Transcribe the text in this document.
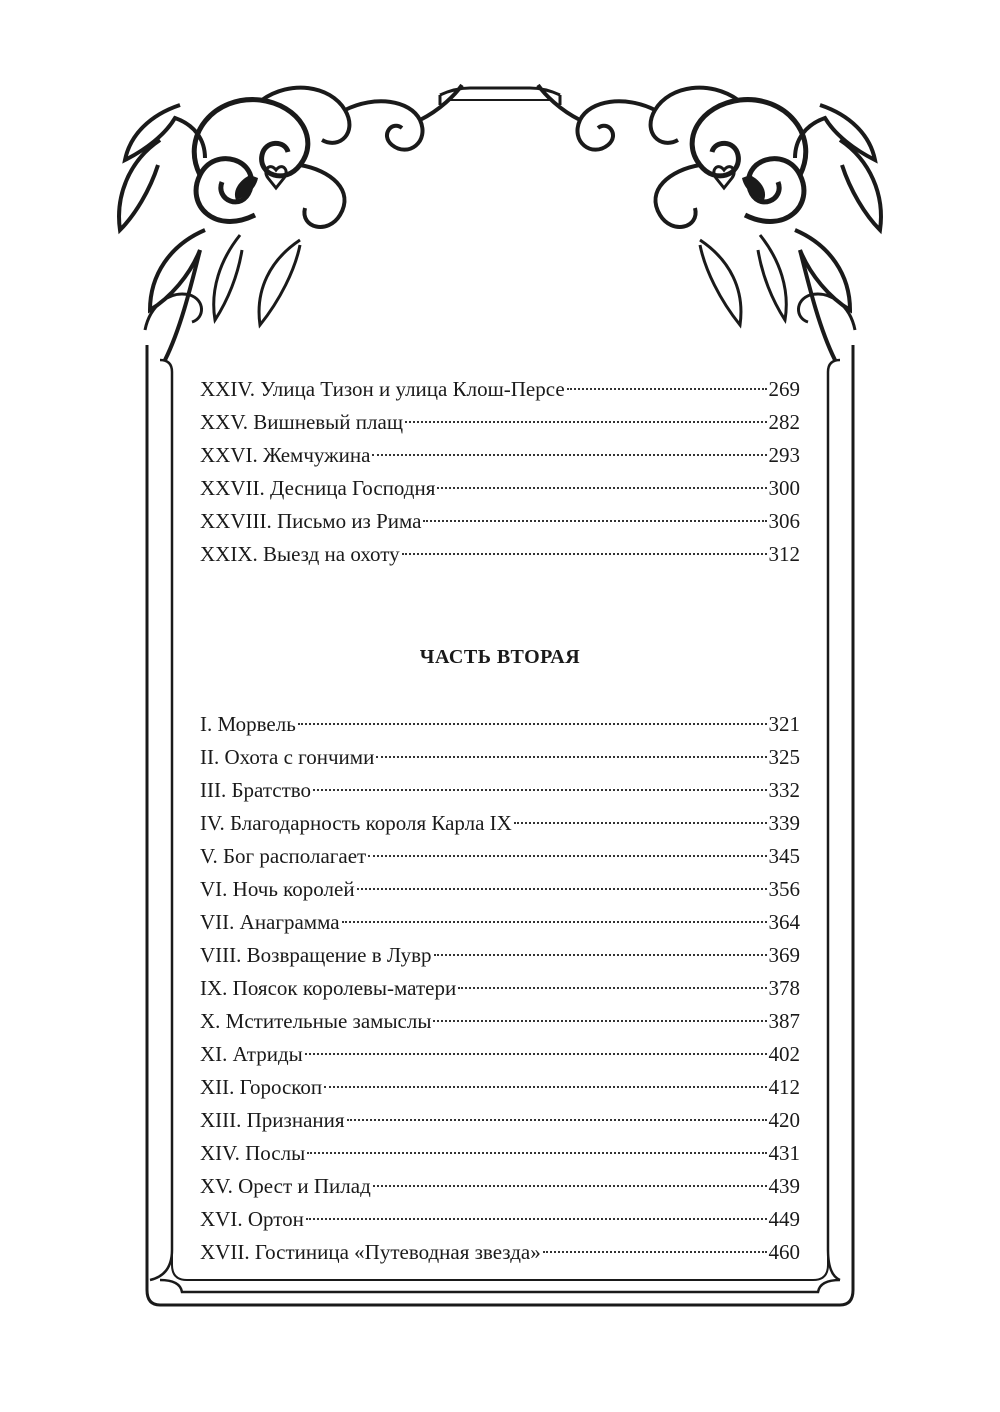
XXIV. Улица Тизон и улица Клош-Персе	269
XXV. Вишневый плащ	282
XXVI. Жемчужина	293
XXVII. Десница Господня	300
XXVIII. Письмо из Рима	306
XXIX. Выезд на охоту	312
ЧАСТЬ ВТОРАЯ
I. Морвель	321
II. Охота с гончими	325
III. Братство	332
IV. Благодарность короля Карла IX	339
V. Бог располагает	345
VI. Ночь королей	356
VII. Анаграмма	364
VIII. Возвращение в Лувр	369
IX. Поясок королевы-матери	378
X. Мстительные замыслы	387
XI. Атриды	402
XII. Гороскоп	412
XIII. Признания	420
XIV. Послы	431
XV. Орест и Пилад	439
XVI. Ортон	449
XVII. Гостиница «Путеводная звезда»	460
